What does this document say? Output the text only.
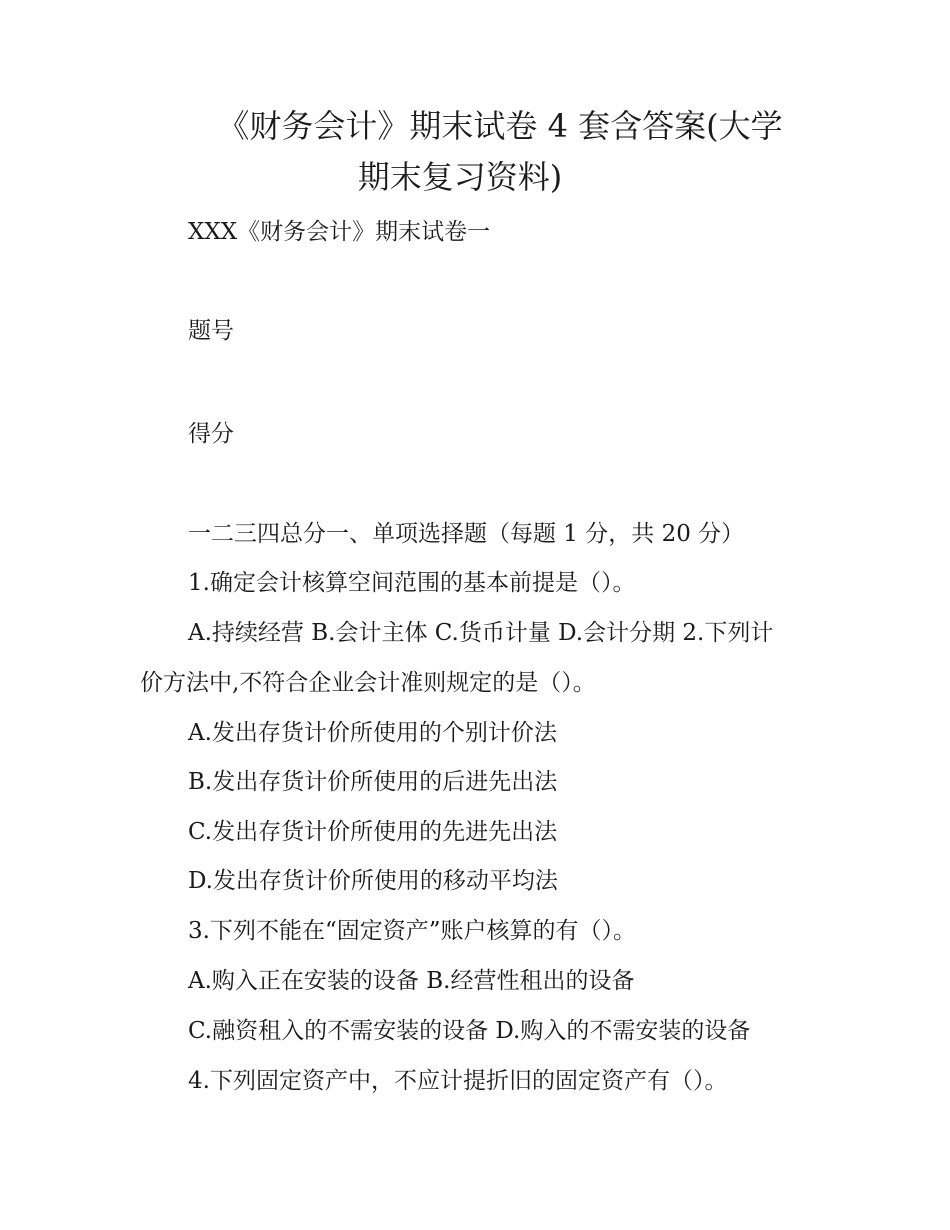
《财务会计》期末试卷 4 套含答案(大学
期末复习资料)

XXX《财务会计》期末试卷一

题号

得分

一二三四总分一、单项选择题（每题 1 分，共 20 分）

1.确定会计核算空间范围的基本前提是（）。

A.持续经营 B.会计主体 C.货币计量 D.会计分期 2.下列计

价方法中,不符合企业会计准则规定的是（）。

A.发出存货计价所使用的个别计价法

B.发出存货计价所使用的后进先出法

C.发出存货计价所使用的先进先出法

D.发出存货计价所使用的移动平均法

3.下列不能在“固定资产”账户核算的有（）。

A.购入正在安装的设备 B.经营性租出的设备

C.融资租入的不需安装的设备 D.购入的不需安装的设备

4.下列固定资产中，不应计提折旧的固定资产有（）。
